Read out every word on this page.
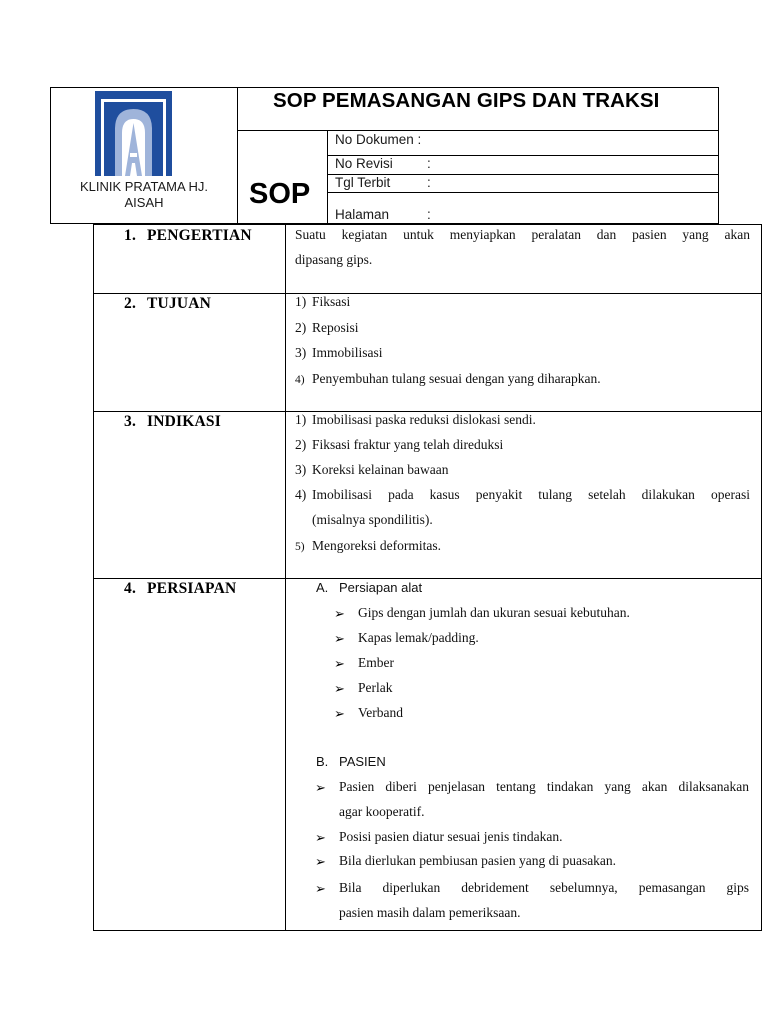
KLINIK PRATAMA HJ.
AISAH
SOP PEMASANGAN GIPS DAN TRAKSI
SOP
No Dokumen :
No Revisi	:
Tgl Terbit	:
Halaman	:
1. PENGERTIAN	Suatu kegiatan untuk menyiapkan peralatan dan pasien yang akan
dipasang gips.
2. TUJUAN	1) Fiksasi
2) Reposisi
3) Immobilisasi
4) Penyembuhan tulang sesuai dengan yang diharapkan.
3. INDIKASI	1) Imobilisasi paska reduksi dislokasi sendi.
2) Fiksasi fraktur yang telah direduksi
3) Koreksi kelainan bawaan
4) Imobilisasi pada kasus penyakit tulang setelah dilakukan operasi
(misalnya spondilitis).
5) Mengoreksi deformitas.
4. PERSIAPAN	A. Persiapan alat
➢ Gips dengan jumlah dan ukuran sesuai kebutuhan.
➢ Kapas lemak/padding.
➢ Ember
➢ Perlak
➢ Verband
B. PASIEN
➢ Pasien diberi penjelasan tentang tindakan yang akan dilaksanakan
agar kooperatif.
➢ Posisi pasien diatur sesuai jenis tindakan.
➢ Bila dierlukan pembiusan pasien yang di puasakan.
➢ Bila diperlukan debridement sebelumnya, pemasangan gips
pasien masih dalam pemeriksaan.
